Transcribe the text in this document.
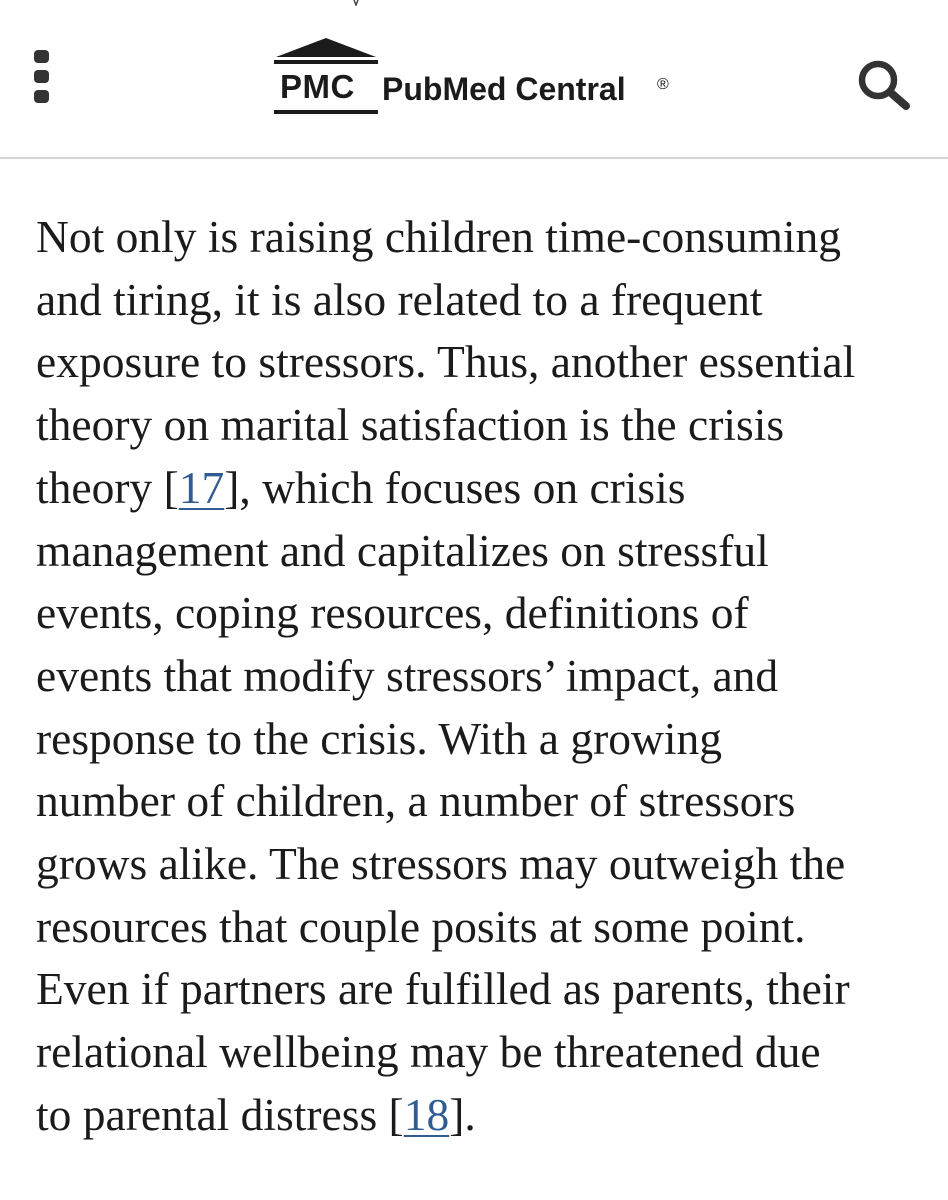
PMC PubMed Central ®

Not only is raising children time-consuming
and tiring, it is also related to a frequent
exposure to stressors. Thus, another essential
theory on marital satisfaction is the crisis
theory [17], which focuses on crisis
management and capitalizes on stressful
events, coping resources, definitions of
events that modify stressors’ impact, and
response to the crisis. With a growing
number of children, a number of stressors
grows alike. The stressors may outweigh the
resources that couple posits at some point.
Even if partners are fulfilled as parents, their
relational wellbeing may be threatened due
to parental distress [18].
